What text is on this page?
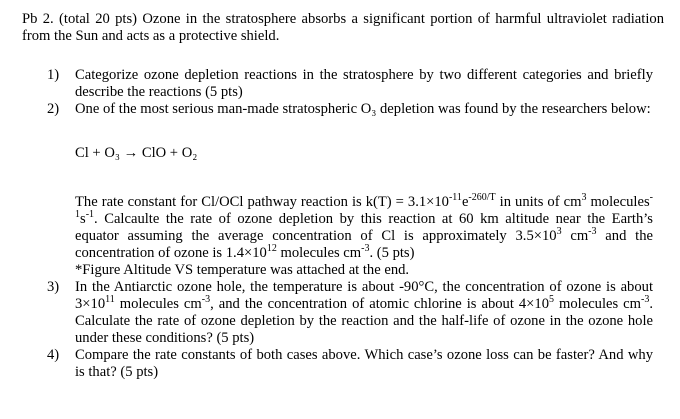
Pb 2. (total 20 pts) Ozone in the stratosphere absorbs a significant portion of harmful ultraviolet radiation from the Sun and acts as a protective shield.

1) Categorize ozone depletion reactions in the stratosphere by two different categories and briefly describe the reactions (5 pts)
2) One of the most serious man-made stratospheric O₃ depletion was found by the researchers below:

Cl + O₃ → ClO + O₂

The rate constant for Cl/OCl pathway reaction is $k(T) = 3.1\times 10^{-11}e^{-260/T}$ in units of $cm^3$ $molecules^{-1}s^{-1}$. Calcaulte the rate of ozone depletion by this reaction at 60 km altitude near the Earth’s equator assuming the average concentration of Cl is approximately $3.5\times 10^3$ $cm^{-3}$ and the concentration of ozone is $1.4\times 10^{12}$ molecules $cm^{-3}$. (5 pts)

*Figure Altitude VS temperature was attached at the end.

3) In the Antiarctic ozone hole, the temperature is about -90°C, the concentration of ozone is about $3\times 10^{11}$ molecules $cm^{-3}$, and the concentration of atomic chlorine is about $4\times 10^5$ molecules $cm^{-3}$. Calculate the rate of ozone depletion by the reaction and the half-life of ozone in the ozone hole under these conditions? (5 pts)

4) Compare the rate constants of both cases above. Which case’s ozone loss can be faster? And why is that? (5 pts)
